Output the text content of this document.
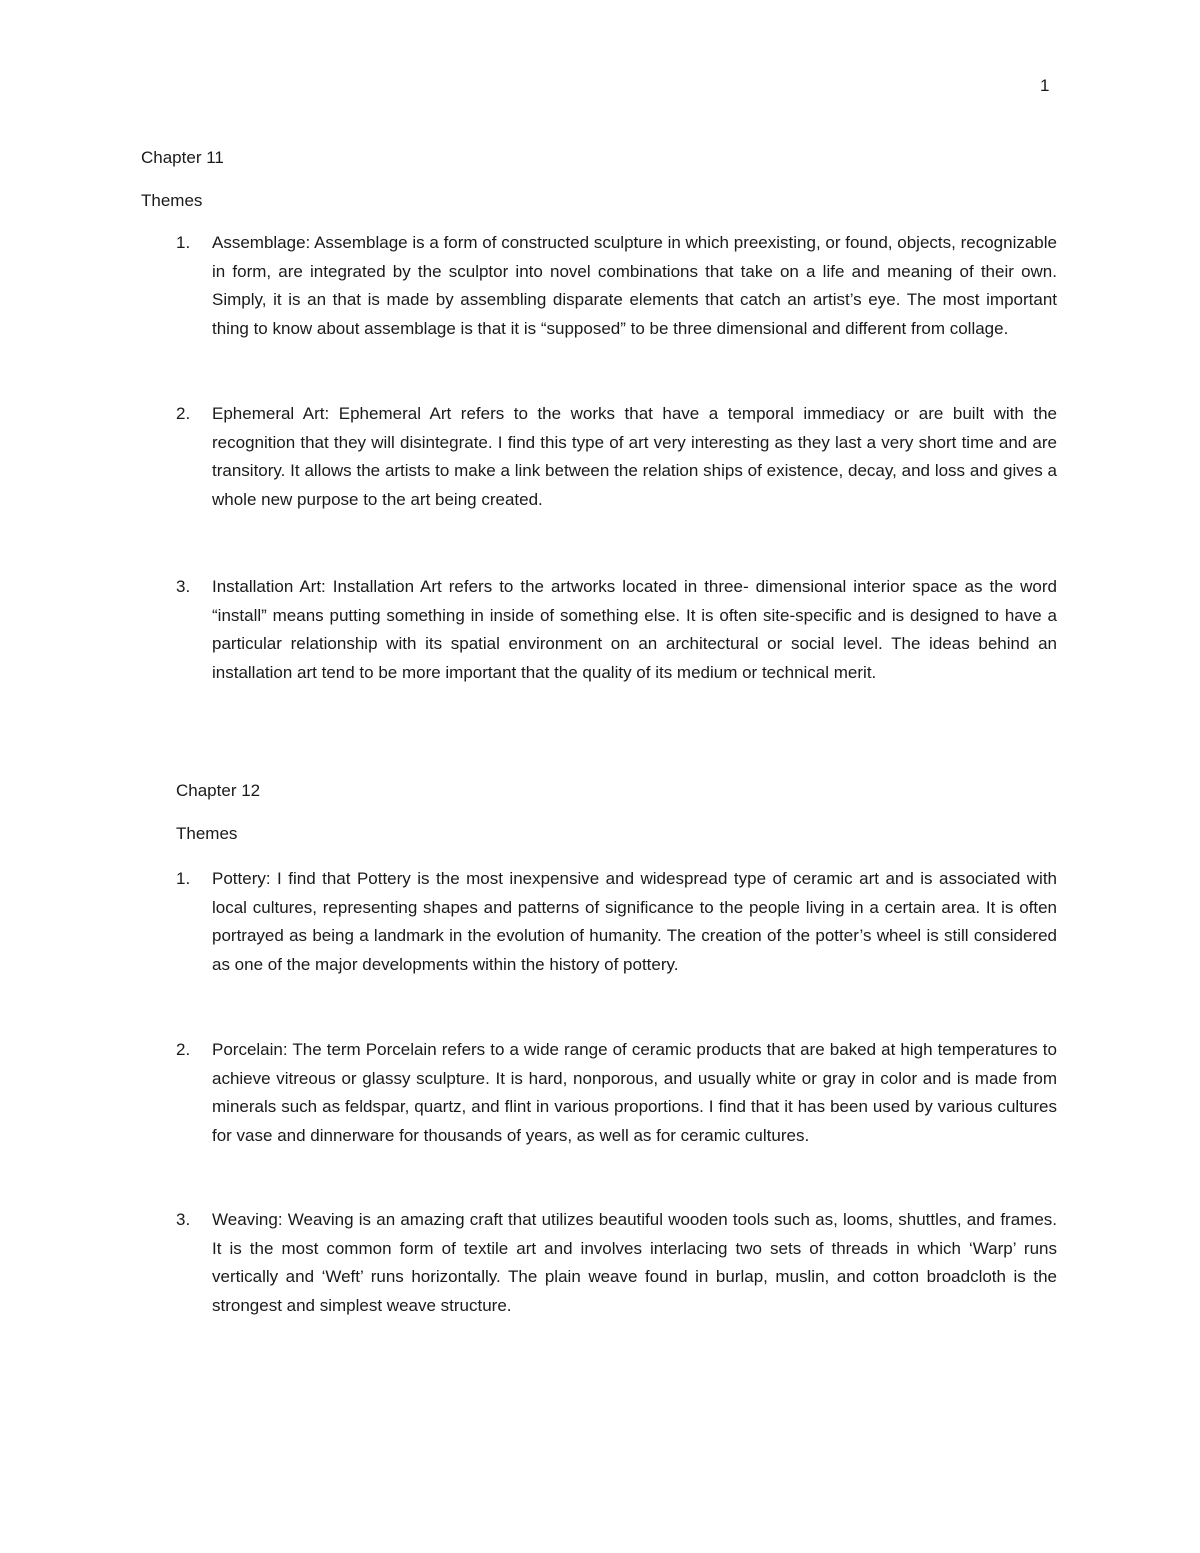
1
Chapter 11
Themes
1.	Assemblage: Assemblage is a form of constructed sculpture in which preexisting, or found, objects, recognizable in form, are integrated by the sculptor into novel combinations that take on a life and meaning of their own. Simply, it is an that is made by assembling disparate elements that catch an artist’s eye. The most important thing to know about assemblage is that it is “supposed” to be three dimensional and different from collage.
2.	Ephemeral Art: Ephemeral Art refers to the works that have a temporal immediacy or are built with the recognition that they will disintegrate. I find this type of art very interesting as they last a very short time and are transitory. It allows the artists to make a link between the relation ships of existence, decay, and loss and gives a whole new purpose to the art being created.
3.	Installation Art: Installation Art refers to the artworks located in three- dimensional interior space as the word “install” means putting something in inside of something else. It is often site-specific and is designed to have a particular relationship with its spatial environment on an architectural or social level. The ideas behind an installation art tend to be more important that the quality of its medium or technical merit.
Chapter 12
Themes
1.	Pottery: I find that Pottery is the most inexpensive and widespread type of ceramic art and is associated with local cultures, representing shapes and patterns of significance to the people living in a certain area. It is often portrayed as being a landmark in the evolution of humanity. The creation of the potter’s wheel is still considered as one of the major developments within the history of pottery.
2.	Porcelain: The term Porcelain refers to a wide range of ceramic products that are baked at high temperatures to achieve vitreous or glassy sculpture. It is hard, nonporous, and usually white or gray in color and is made from minerals such as feldspar, quartz, and flint in various proportions. I find that it has been used by various cultures for vase and dinnerware for thousands of years, as well as for ceramic cultures.
3.	Weaving: Weaving is an amazing craft that utilizes beautiful wooden tools such as, looms, shuttles, and frames. It is the most common form of textile art and involves interlacing two sets of threads in which ‘Warp’ runs vertically and ‘Weft’ runs horizontally. The plain weave found in burlap, muslin, and cotton broadcloth is the strongest and simplest weave structure.
